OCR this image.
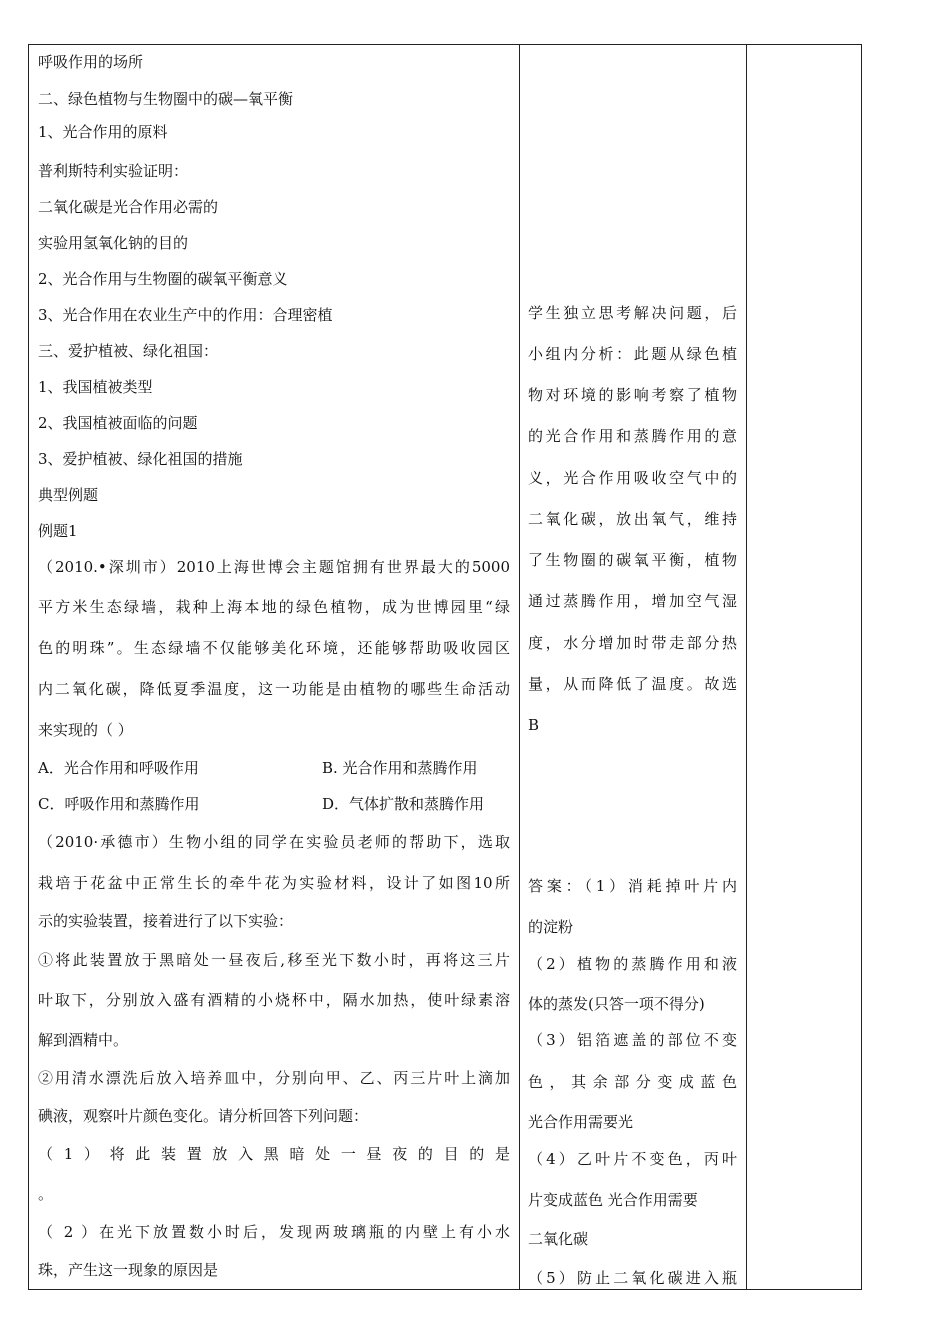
呼吸作用的场所
二、绿色植物与生物圈中的碳—氧平衡
1、光合作用的原料
普利斯特利实验证明：
二氧化碳是光合作用必需的
实验用氢氧化钠的目的
2、光合作用与生物圈的碳氧平衡意义
3、光合作用在农业生产中的作用：合理密植
三、爱护植被、绿化祖国：
1、我国植被类型
2、我国植被面临的问题
3、爱护植被、绿化祖国的措施
典型例题
例题1
（2010.•深圳市）2010上海世博会主题馆拥有世界最大的5000
平方米生态绿墙，栽种上海本地的绿色植物，成为世博园里“绿
色的明珠”。生态绿墙不仅能够美化环境，还能够帮助吸收园区
内二氧化碳，降低夏季温度，这一功能是由植物的哪些生命活动
来实现的（ ）
A．光合作用和呼吸作用	B. 光合作用和蒸腾作用
C．呼吸作用和蒸腾作用	D．气体扩散和蒸腾作用
（2010·承德市）生物小组的同学在实验员老师的帮助下，选取
栽培于花盆中正常生长的牵牛花为实验材料，设计了如图10所
示的实验装置，接着进行了以下实验：
①将此装置放于黑暗处一昼夜后,移至光下数小时，再将这三片
叶取下，分别放入盛有酒精的小烧杯中，隔水加热，使叶绿素溶
解到酒精中。
②用清水漂洗后放入培养皿中，分别向甲、乙、丙三片叶上滴加
碘液，观察叶片颜色变化。请分析回答下列问题：
（1）将此装置放入黑暗处一昼夜的目的是
。
（ 2 ）在光下放置数小时后，发现两玻璃瓶的内壁上有小水
珠，产生这一现象的原因是
学生独立思考解决问题，后
小组内分析：此题从绿色植
物对环境的影响考察了植物
的光合作用和蒸腾作用的意
义，光合作用吸收空气中的
二氧化碳，放出氧气，维持
了生物圈的碳氧平衡，植物
通过蒸腾作用，增加空气湿
度，水分增加时带走部分热
量，从而降低了温度。故选
B
答案：（1）消耗掉叶片内
的淀粉
（2）植物的蒸腾作用和液
体的蒸发(只答一项不得分)
（3）铝箔遮盖的部位不变
色，其余部分变成蓝色
光合作用需要光
（4）乙叶片不变色，丙叶
片变成蓝色 光合作用需要
二氧化碳
（5）防止二氧化碳进入瓶
